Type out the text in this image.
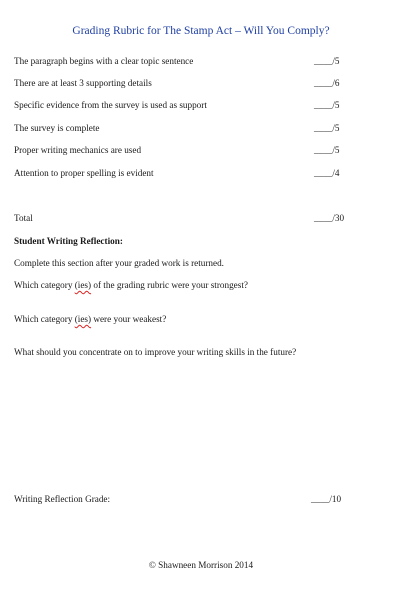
Grading Rubric for The Stamp Act – Will You Comply?
The paragraph begins with a clear topic sentence	____/5
There are at least 3 supporting details	____/6
Specific evidence from the survey is used as support	____/5
The survey is complete	____/5
Proper writing mechanics are used	____/5
Attention to proper spelling is evident	____/4
Total	____/30
Student Writing Reflection:
Complete this section after your graded work is returned.
Which category (ies) of the grading rubric were your strongest?
Which category (ies) were your weakest?
What should you concentrate on to improve your writing skills in the future?
Writing Reflection Grade:	____/10
© Shawneen Morrison 2014
